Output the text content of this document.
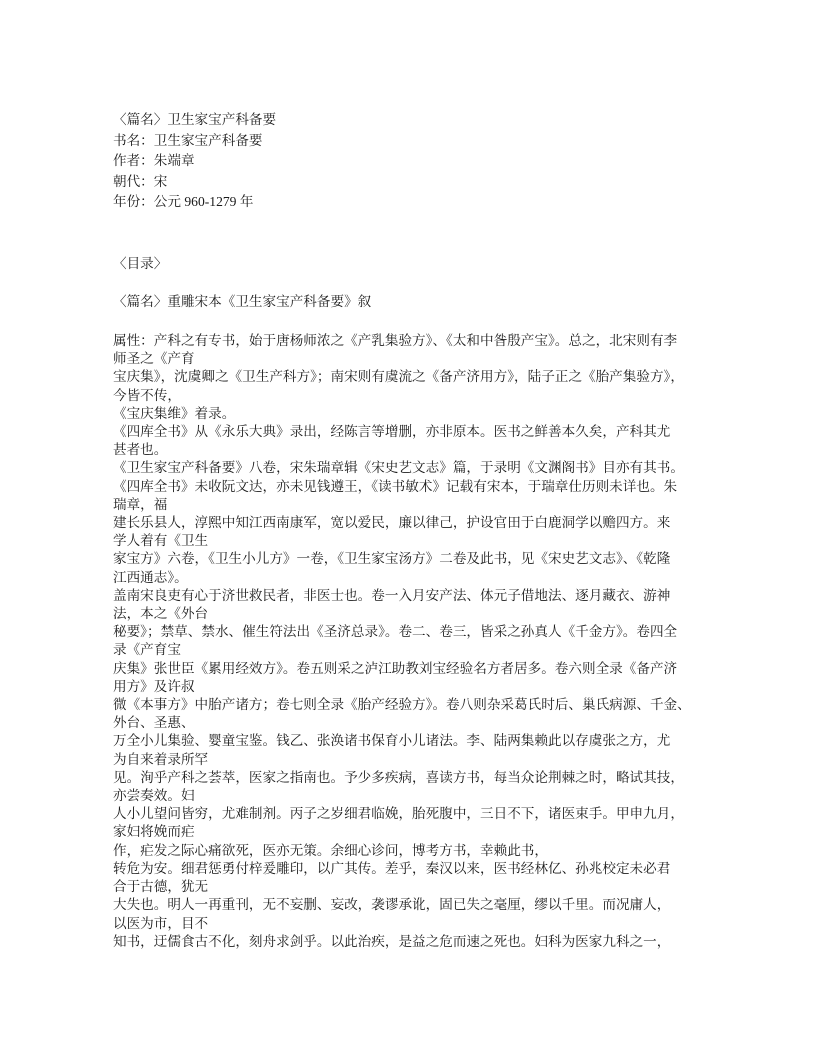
〈篇名〉卫生家宝产科备要
书名：卫生家宝产科备要
作者：朱端章
朝代：宋
年份：公元 960-1279 年
〈目录〉
〈篇名〉重雕宋本《卫生家宝产科备要》叙
属性：产科之有专书，始于唐杨师浓之《产乳集验方》、《太和中昝殷产宝》。总之，北宋则有李
师圣之《产育
宝庆集》，沈虞卿之《卫生产科方》；南宋则有虞流之《备产济用方》，陆子正之《胎产集验方》，
今皆不传，
《宝庆集维》着录。
《四库全书》从《永乐大典》录出，经陈言等增删，亦非原本。医书之鲜善本久矣，产科其尤
甚者也。
《卫生家宝产科备要》八卷，宋朱瑞章辑《宋史艺文志》篇，于录明《文渊阁书》目亦有其书。
《四库全书》未收阮文达，亦未见钱遵王，《读书敏术》记载有宋本，于瑞章仕历则未详也。朱
瑞章，福
建长乐县人，淳熙中知江西南康军，宽以爱民，廉以律己，护设官田于白鹿洞学以赡四方。来
学人着有《卫生
家宝方》六卷，《卫生小儿方》一卷，《卫生家宝汤方》二卷及此书，见《宋史艺文志》、《乾隆
江西通志》。
盖南宋良吏有心于济世救民者，非医士也。卷一入月安产法、体元子借地法、逐月藏衣、游神
法，本之《外台
秘要》；禁草、禁水、催生符法出《圣济总录》。卷二、卷三，皆采之孙真人《千金方》。卷四全
录《产育宝
庆集》张世臣《累用经效方》。卷五则采之泸江助教刘宝经验名方者居多。卷六则全录《备产济
用方》及许叔
微《本事方》中胎产诸方；卷七则全录《胎产经验方》。卷八则杂采葛氏时后、巢氏病源、千金、
外台、圣惠、
万全小儿集验、婴童宝鉴。钱乙、张涣诸书保育小儿诸法。李、陆两集赖此以存虞张之方，尤
为自来着录所罕
见。洵乎产科之荟萃，医家之指南也。予少多疾病，喜读方书，每当众论荆棘之时，略试其技，
亦尝奏效。妇
人小儿望问皆穷，尤难制剂。丙子之岁细君临娩，胎死腹中，三日不下，诸医束手。甲申九月，
家妇将娩而疟
作，疟发之际心痛欲死，医亦无策。余细心诊问，博考方书，幸赖此书，
转危为安。细君惩勇付梓爰雕印，以广其传。差乎，秦汉以来，医书经林亿、孙兆校定未必君
合于古德，犹无
大失也。明人一再重刊，无不妄删、妄改，袭谬承讹，固已失之毫厘，缪以千里。而况庸人，
以医为市，目不
知书，迂儒食古不化，刻舟求剑乎。以此治疾，是益之危而速之死也。妇科为医家九科之一，
